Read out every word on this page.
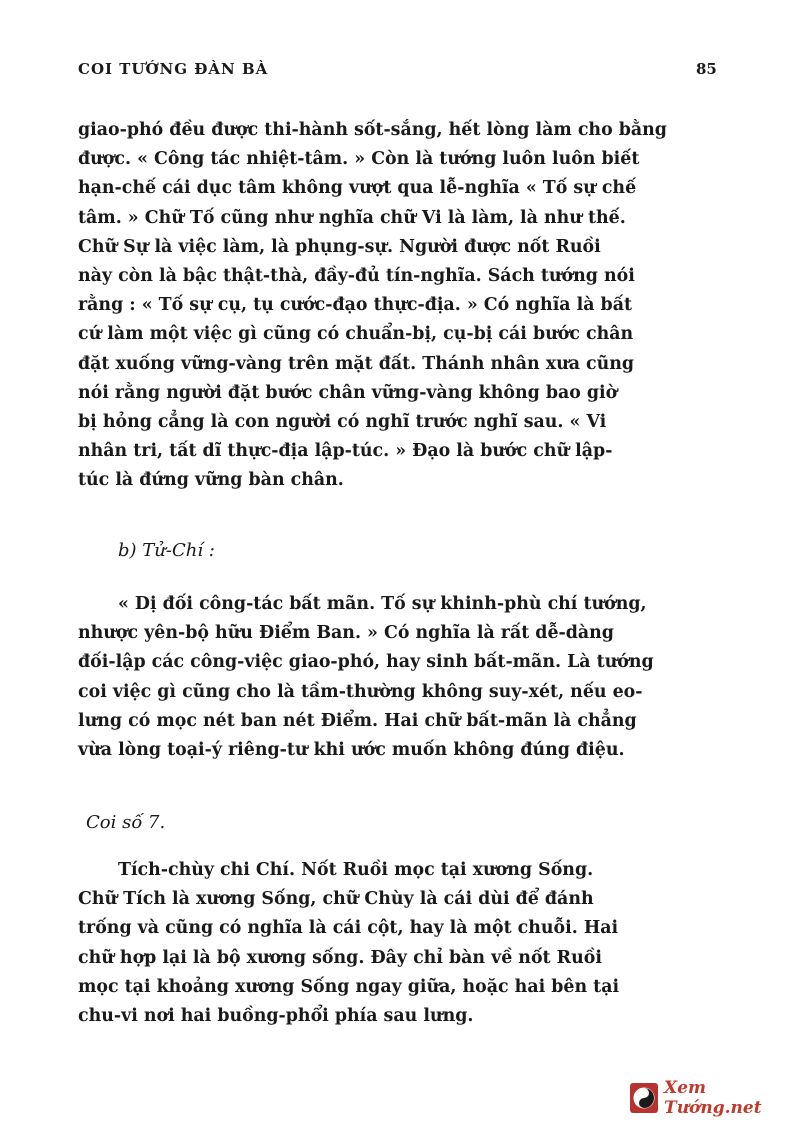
COI TƯỚNG ĐÀN BÀ	85
giao-phó đều được thi-hành sốt-sắng, hết lòng làm cho bằng
được. « Công tác nhiệt-tâm. » Còn là tướng luôn luôn biết
hạn-chế cái dục tâm không vượt qua lễ-nghĩa « Tố sự chế
tâm. » Chữ Tố cũng như nghĩa chữ Vi là làm, là như thế.
Chữ Sự là việc làm, là phụng-sự. Người được nốt Ruồi
này còn là bậc thật-thà, đầy-đủ tín-nghĩa. Sách tướng nói
rằng : « Tố sự cụ, tụ cước-đạo thực-địa. » Có nghĩa là bất
cứ làm một việc gì cũng có chuẩn-bị, cụ-bị cái bước chân
đặt xuống vững-vàng trên mặt đất. Thánh nhân xưa cũng
nói rằng người đặt bước chân vững-vàng không bao giờ
bị hỏng cẳng là con người có nghĩ trước nghĩ sau. « Vi
nhân tri, tất dĩ thực-địa lập-túc. » Đạo là bước chữ lập-
túc là đứng vững bàn chân.
b) Tử-Chí :
« Dị đối công-tác bất mãn. Tố sự khinh-phù chí tướng,
nhược yên-bộ hữu Điểm Ban. » Có nghĩa là rất dễ-dàng
đối-lập các công-việc giao-phó, hay sinh bất-mãn. Là tướng
coi việc gì cũng cho là tầm-thường không suy-xét, nếu eo-
lưng có mọc nét ban nét Điểm. Hai chữ bất-mãn là chẳng
vừa lòng toại-ý riêng-tư khi ước muốn không đúng điệu.
Coi số 7.
Tích-chùy chi Chí. Nốt Ruồi mọc tại xương Sống.
Chữ Tích là xương Sống, chữ Chùy là cái dùi để đánh
trống và cũng có nghĩa là cái cột, hay là một chuỗi. Hai
chữ hợp lại là bộ xương sống. Đây chỉ bàn về nốt Ruồi
mọc tại khoảng xương Sống ngay giữa, hoặc hai bên tại
chu-vi nơi hai buồng-phổi phía sau lưng.
Xem Tướng.net
